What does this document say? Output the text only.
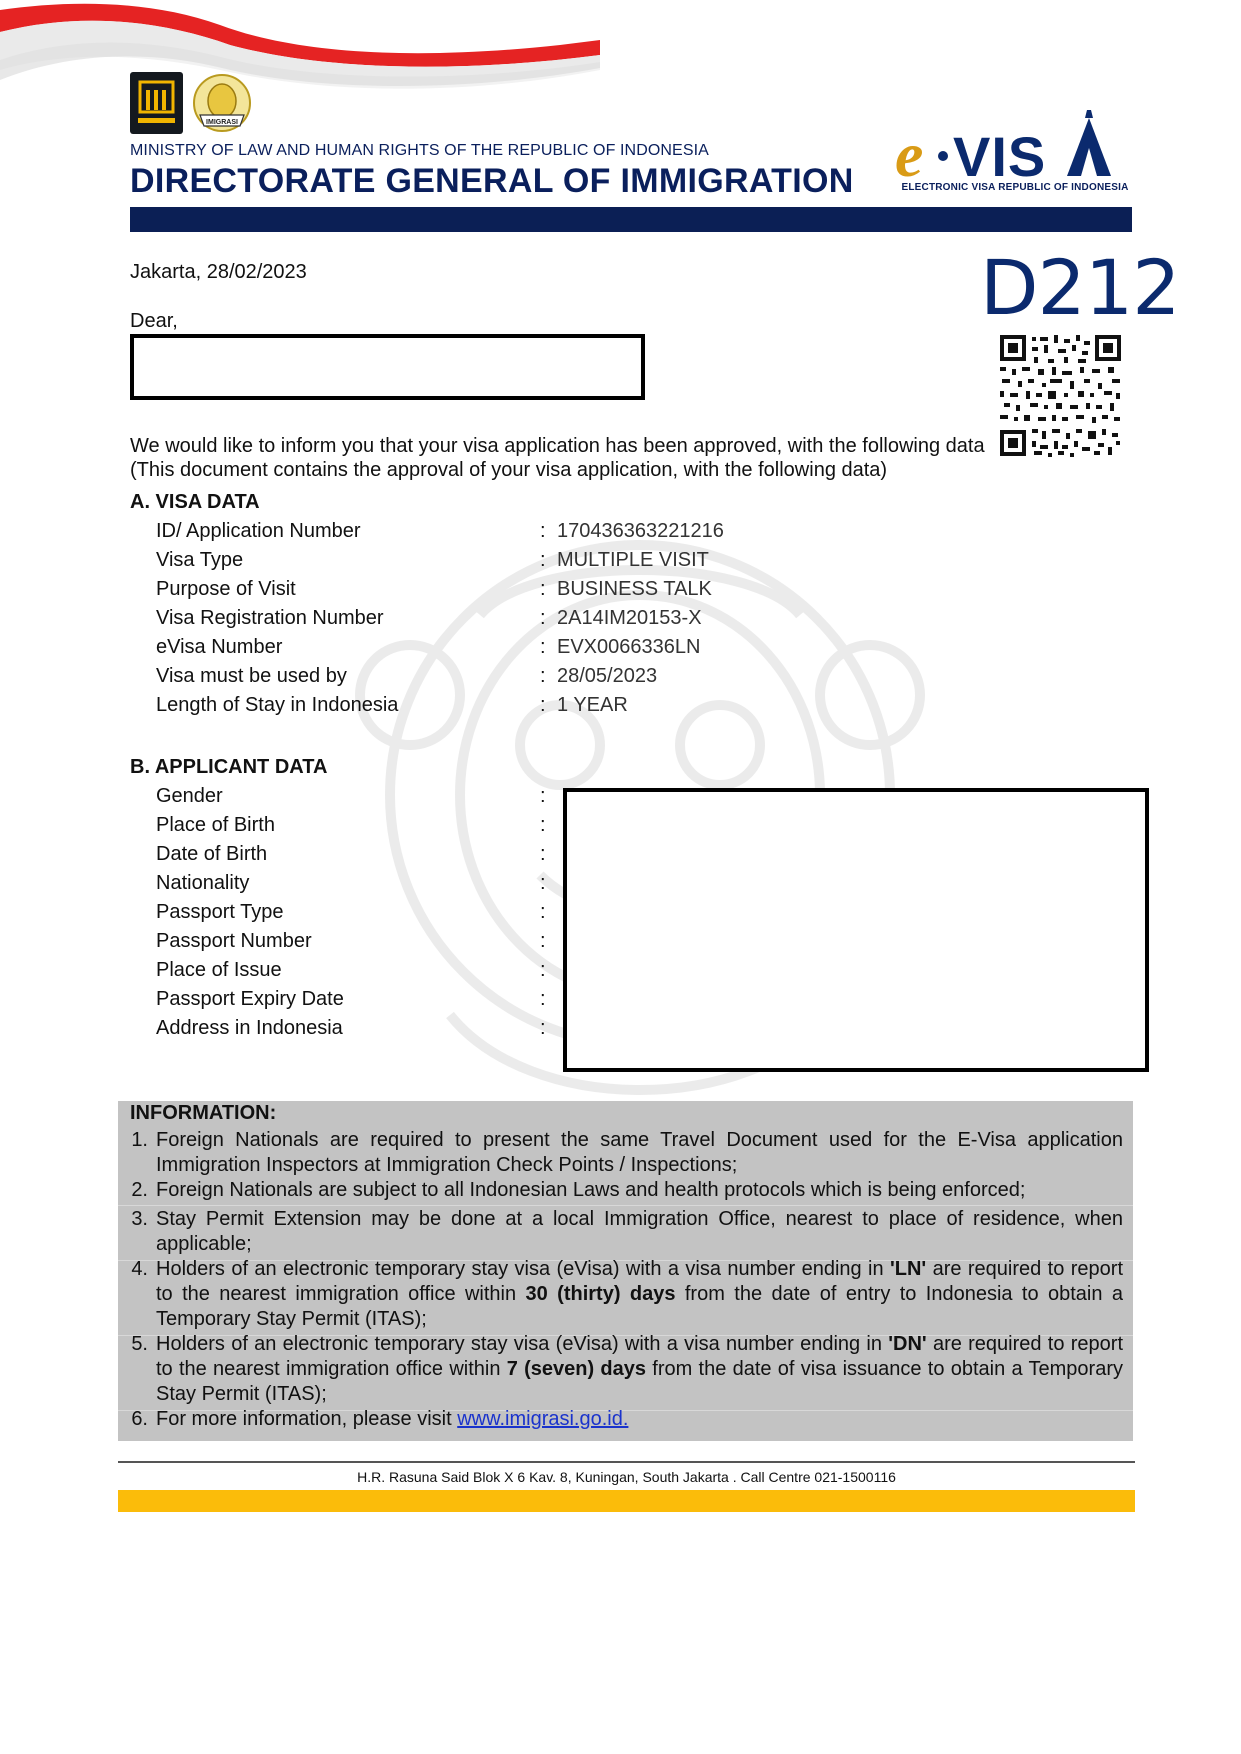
IMIGRASI
MINISTRY OF LAW AND HUMAN RIGHTS OF THE REPUBLIC OF INDONESIA
DIRECTORATE GENERAL OF IMMIGRATION e VIS
ELECTRONIC VISA REPUBLIC OF INDONESIA
Jakarta, 28/02/2023	D212
Dear,
We would like to inform you that your visa application has been approved, with the following data
(This document contains the approval of your visa application, with the following data)
A. VISA DATA
ID/ Application Number	: 170436363221216
Visa Type	: MULTIPLE VISIT
Purpose of Visit	: BUSINESS TALK
Visa Registration Number	: 2A14IM20153-X
eVisa Number	: EVX0066336LN
Visa must be used by	: 28/05/2023
Length of Stay in Indonesia	: 1 YEAR
B. APPLICANT DATA
Gender	:
Place of Birth	:
Date of Birth	:
Nationality	:
Passport Type	:
Passport Number	:
Place of Issue	:
Passport Expiry Date	:
Address in Indonesia	:
INFORMATION:
1. Foreign Nationals are required to present the same Travel Document used for the E-Visa application Immigration Inspectors at Immigration Check Points / Inspections;
2. Foreign Nationals are subject to all Indonesian Laws and health protocols which is being enforced;
3. Stay Permit Extension may be done at a local Immigration Office, nearest to place of residence, when applicable;
4. Holders of an electronic temporary stay visa (eVisa) with a visa number ending in 'LN' are required to report to the nearest immigration office within 30 (thirty) days from the date of entry to Indonesia to obtain a Temporary Stay Permit (ITAS);
5. Holders of an electronic temporary stay visa (eVisa) with a visa number ending in 'DN' are required to report to the nearest immigration office within 7 (seven) days from the date of visa issuance to obtain a Temporary Stay Permit (ITAS);
6. For more information, please visit www.imigrasi.go.id.
H.R. Rasuna Said Blok X 6 Kav. 8, Kuningan, South Jakarta . Call Centre 021-1500116
